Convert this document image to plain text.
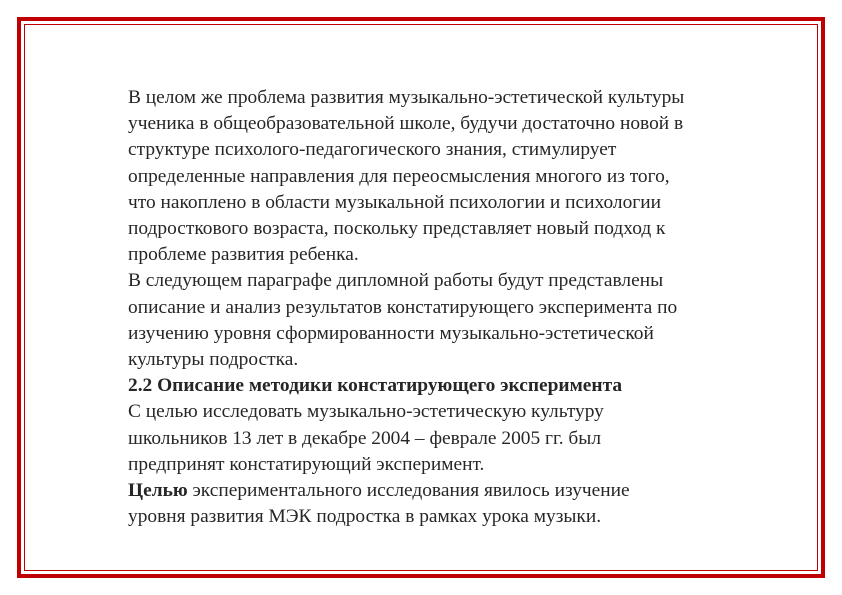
В целом же проблема развития музыкально-эстетической культуры
ученика в общеобразовательной школе, будучи достаточно новой в
структуре психолого-педагогического знания, стимулирует
определенные направления для переосмысления многого из того,
что накоплено в области музыкальной психологии и психологии
подросткового возраста, поскольку представляет новый подход к
проблеме развития ребенка.
В следующем параграфе дипломной работы будут представлены
описание и анализ результатов констатирующего эксперимента по
изучению уровня сформированности музыкально-эстетической
культуры подростка.
2.2 Описание методики констатирующего эксперимента
С целью исследовать музыкально-эстетическую культуру
школьников 13 лет в декабре 2004 – феврале 2005 гг. был
предпринят констатирующий эксперимент.
Целью экспериментального исследования явилось изучение
уровня развития МЭК подростка в рамках урока музыки.
